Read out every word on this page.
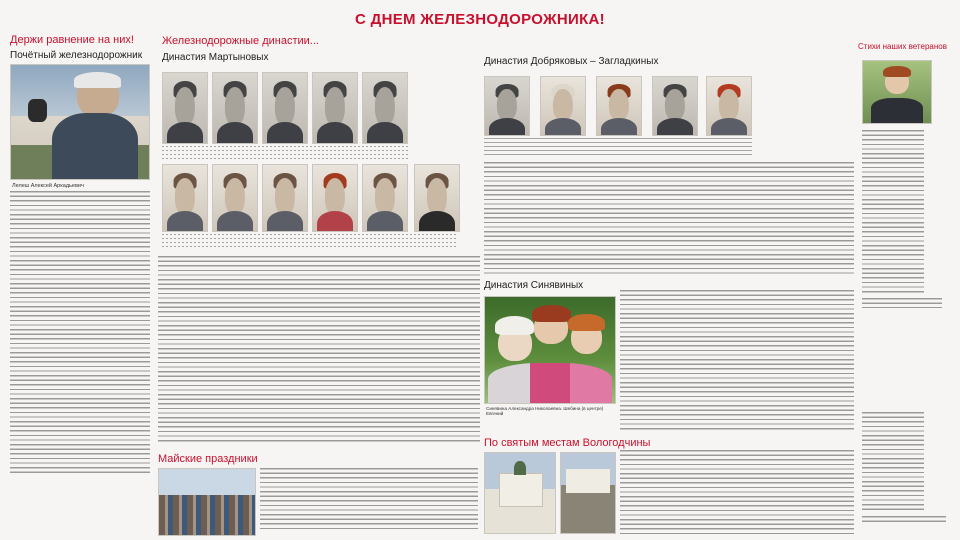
С ДНЕМ ЖЕЛЕЗНОДОРОЖНИКА!
Держи равнение на них!
Почётный железнодорожник
Лелеш Алексей Аркадьевич
Железнодорожные династии...
Династия Мартыновых
Майские праздники
Династия Добряковых – Загладкиных
Династия Синявиных
Синявина Александра Николаевна. Шебина (в центре) Евгений
По святым местам Вологодчины
Стихи наших ветеранов
